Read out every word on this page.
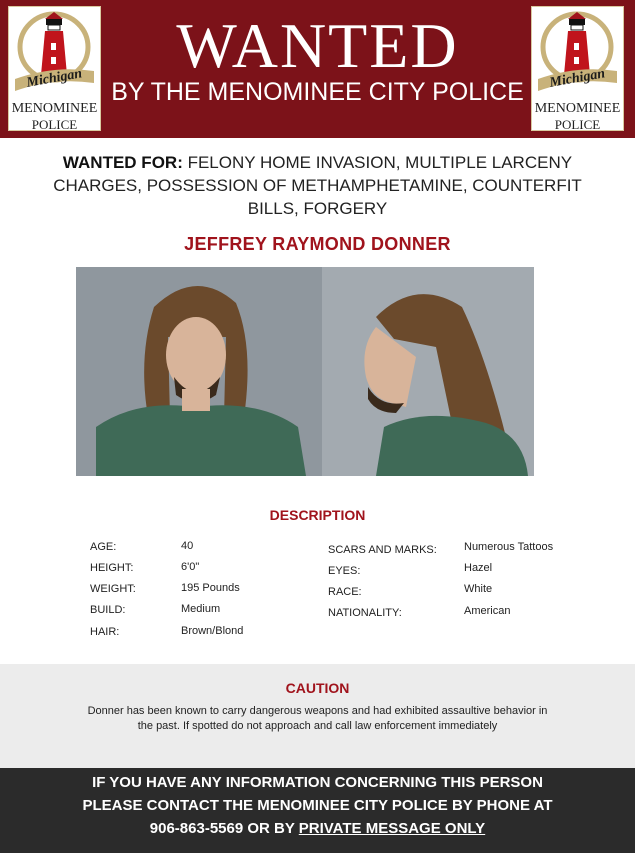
Michigan
MENOMINEE
POLICE
Michigan
MENOMINEE
POLICE
WANTED
BY THE MENOMINEE CITY POLICE
WANTED FOR: FELONY HOME INVASION, MULTIPLE LARCENY CHARGES, POSSESSION OF METHAMPHETAMINE, COUNTERFIT BILLS, FORGERY
JEFFREY RAYMOND DONNER
DESCRIPTION
AGE:	40
HEIGHT:	6'0"
WEIGHT:	195 Pounds
BUILD:	Medium
HAIR:	Brown/Blond
SCARS AND MARKS: Numerous Tattoos
EYES:	Hazel
RACE:	White
NATIONALITY:	American
CAUTION
Donner has been known to carry dangerous weapons and had exhibited assaultive behavior in the past. If spotted do not approach and call law enforcement immediately
IF YOU HAVE ANY INFORMATION CONCERNING THIS PERSON
PLEASE CONTACT THE MENOMINEE CITY POLICE BY PHONE AT
906-863-5569 OR BY PRIVATE MESSAGE ONLY
